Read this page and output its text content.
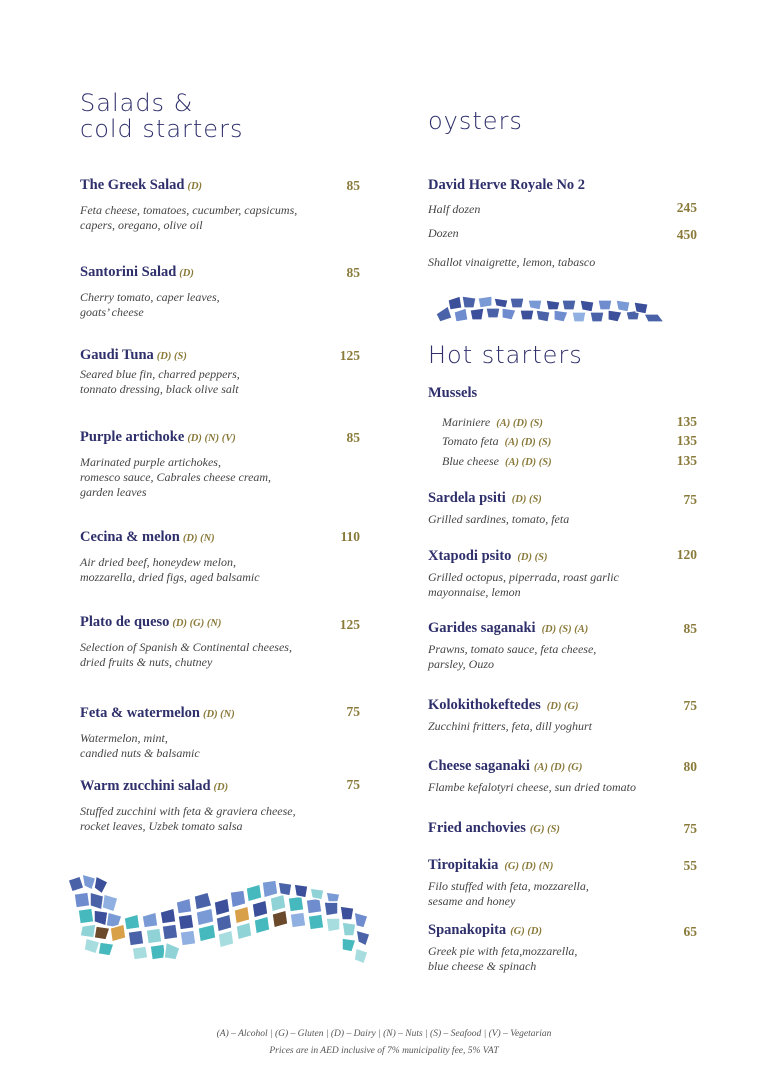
Salads &
cold starters
The Greek Salad (D)
Feta cheese, tomatoes, cucumber, capsicums,
capers, oregano, olive oil
85
Santorini Salad (D)
Cherry tomato, caper leaves,
goats’ cheese
85
Gaudi Tuna (D) (S)
Seared blue fin, charred peppers,
tonnato dressing, black olive salt
125
Purple artichoke (D) (N) (V)
Marinated purple artichokes,
romesco sauce, Cabrales cheese cream,
garden leaves
85
Cecina & melon (D) (N)
Air dried beef, honeydew melon,
mozzarella, dried figs, aged balsamic
110
Plato de queso (D) (G) (N)
Selection of Spanish & Continental cheeses,
dried fruits & nuts, chutney
125
Feta & watermelon (D) (N)
Watermelon, mint,
candied nuts & balsamic
75
Warm zucchini salad (D)
Stuffed zucchini with feta & graviera cheese,
rocket leaves, Uzbek tomato salsa
75
oysters
David Herve Royale No 2
Half dozen	245
Dozen	450
Shallot vinaigrette, lemon, tabasco
Hot starters
Mussels
Mariniere (A) (D) (S)	135
Tomato feta (A) (D) (S)	135
Blue cheese (A) (D) (S)	135
Sardela psiti (D) (S)
Grilled sardines, tomato, feta
75
Xtapodi psito (D) (S)
Grilled octopus, piperrada, roast garlic
mayonnaise, lemon
120
Garides saganaki (D) (S) (A)
Prawns, tomato sauce, feta cheese,
parsley, Ouzo
85
Kolokithokeftedes (D) (G)
Zucchini fritters, feta, dill yoghurt
75
Cheese saganaki (A) (D) (G)
Flambe kefalotyri cheese, sun dried tomato
80
Fried anchovies (G) (S)	75
Tiropitakia (G) (D) (N)
Filo stuffed with feta, mozzarella,
sesame and honey
55
Spanakopita (G) (D)
Greek pie with feta,mozzarella,
blue cheese & spinach
65
(A) – Alcohol | (G) – Gluten | (D) – Dairy | (N) – Nuts | (S) – Seafood | (V) – Vegetarian
Prices are in AED inclusive of 7% municipality fee, 5% VAT
